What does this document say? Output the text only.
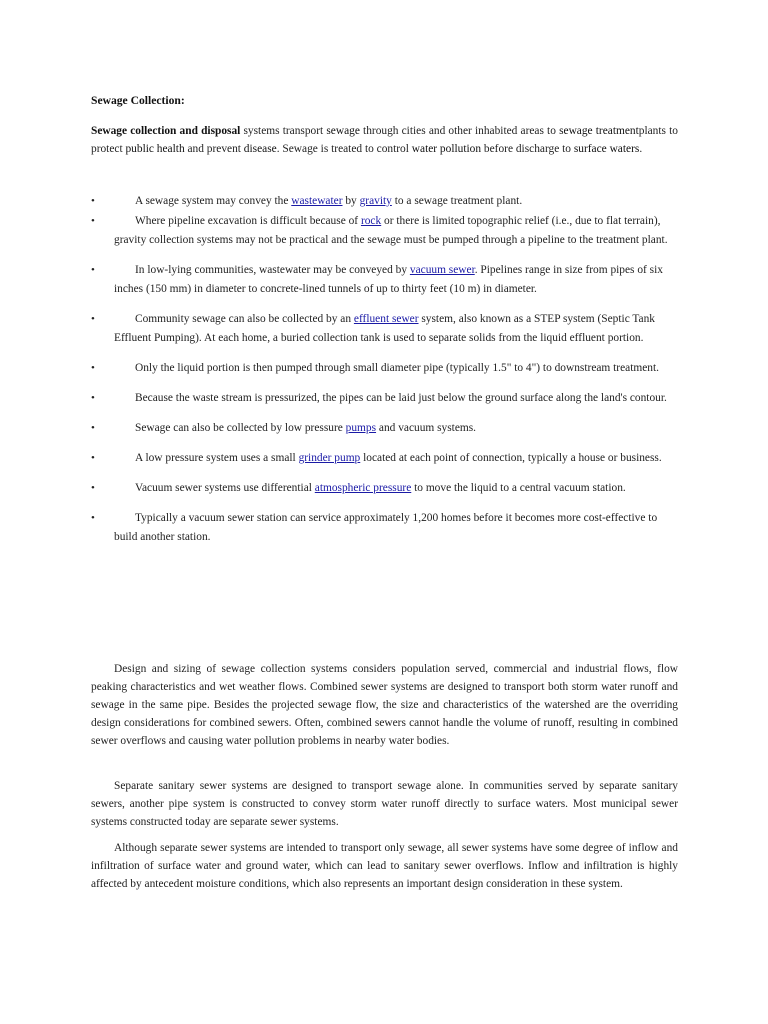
Sewage Collection:
Sewage collection and disposal systems transport sewage through cities and other inhabited areas to sewage treatmentplants to protect public health and prevent disease. Sewage is treated to control water pollution before discharge to surface waters.
•	A sewage system may convey the wastewater by gravity to a sewage treatment plant.
•	Where pipeline excavation is difficult because of rock or there is limited topographic relief (i.e., due to flat terrain), gravity collection systems may not be practical and the sewage must be pumped through a pipeline to the treatment plant.
•	In low-lying communities, wastewater may be conveyed by vacuum sewer. Pipelines range in size from pipes of six inches (150 mm) in diameter to concrete-lined tunnels of up to thirty feet (10 m) in diameter.
•	Community sewage can also be collected by an effluent sewer system, also known as a STEP system (Septic Tank Effluent Pumping). At each home, a buried collection tank is used to separate solids from the liquid effluent portion.
•	Only the liquid portion is then pumped through small diameter pipe (typically 1.5" to 4") to downstream treatment.
•	Because the waste stream is pressurized, the pipes can be laid just below the ground surface along the land's contour.
•	Sewage can also be collected by low pressure pumps and vacuum systems.
•	A low pressure system uses a small grinder pump located at each point of connection, typically a house or business.
•	Vacuum sewer systems use differential atmospheric pressure to move the liquid to a central vacuum station.
•	Typically a vacuum sewer station can service approximately 1,200 homes before it becomes more cost-effective to build another station.
Design and sizing of sewage collection systems considers population served, commercial and industrial flows, flow peaking characteristics and wet weather flows. Combined sewer systems are designed to transport both storm water runoff and sewage in the same pipe. Besides the projected sewage flow, the size and characteristics of the watershed are the overriding design considerations for combined sewers. Often, combined sewers cannot handle the volume of runoff, resulting in combined sewer overflows and causing water pollution problems in nearby water bodies.
Separate sanitary sewer systems are designed to transport sewage alone. In communities served by separate sanitary sewers, another pipe system is constructed to convey storm water runoff directly to surface waters. Most municipal sewer systems constructed today are separate sewer systems.
Although separate sewer systems are intended to transport only sewage, all sewer systems have some degree of inflow and infiltration of surface water and ground water, which can lead to sanitary sewer overflows. Inflow and infiltration is highly affected by antecedent moisture conditions, which also represents an important design consideration in these system.
